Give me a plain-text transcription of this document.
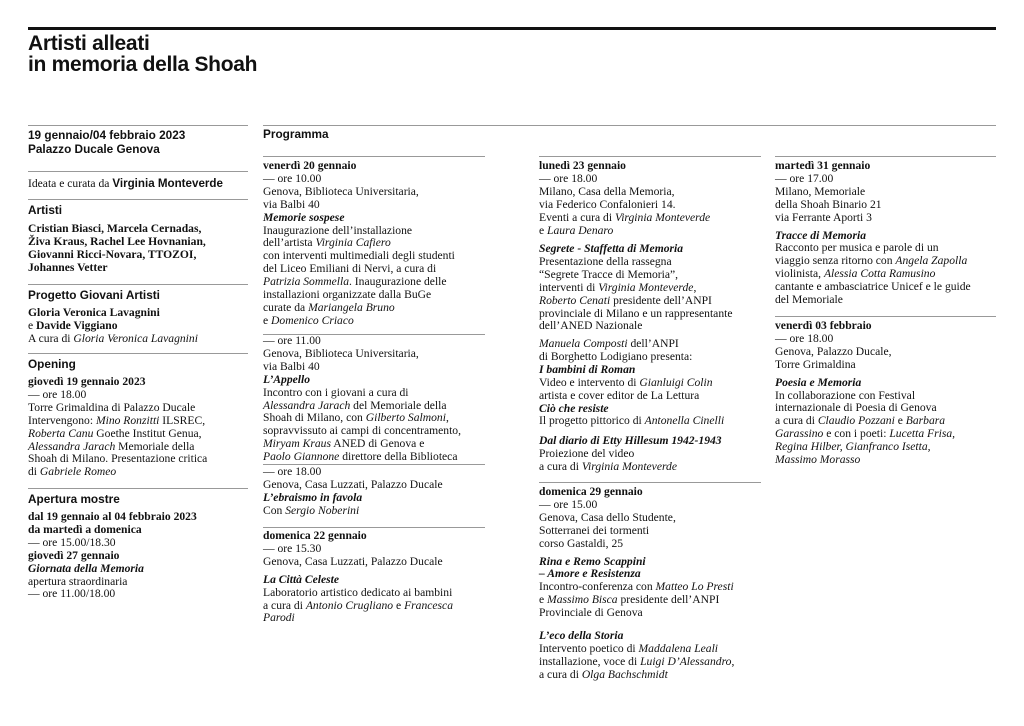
Artisti alleati
in memoria della Shoah
19 gennaio/04 febbraio 2023
Palazzo Ducale Genova
Ideata e curata da Virginia Monteverde
Artisti
Cristian Biasci, Marcela Cernadas,
Živa Kraus, Rachel Lee Hovnanian,
Giovanni Ricci-Novara, TTOZOI,
Johannes Vetter
Progetto Giovani Artisti
Gloria Veronica Lavagnini
e Davide Viggiano
A cura di Gloria Veronica Lavagnini
Opening
giovedì 19 gennaio 2023
— ore 18.00
Torre Grimaldina di Palazzo Ducale
Intervengono: Mino Ronzitti ILSREC,
Roberta Canu Goethe Institut Genua,
Alessandra Jarach Memoriale della
Shoah di Milano. Presentazione critica
di Gabriele Romeo
Apertura mostre
dal 19 gennaio al 04 febbraio 2023
da martedì a domenica
— ore 15.00/18.30
giovedì 27 gennaio
Giornata della Memoria
apertura straordinaria
— ore 11.00/18.00
Programma
venerdì 20 gennaio
— ore 10.00
Genova, Biblioteca Universitaria,
via Balbi 40
Memorie sospese
Inaugurazione dell’installazione
dell’artista Virginia Cafiero
con interventi multimediali degli studenti
del Liceo Emiliani di Nervi, a cura di
Patrizia Sommella. Inaugurazione delle
installazioni organizzate dalla BuGe
curate da Mariangela Bruno
e Domenico Criaco
— ore 11.00
Genova, Biblioteca Universitaria,
via Balbi 40
L’Appello
Incontro con i giovani a cura di
Alessandra Jarach del Memoriale della
Shoah di Milano, con Gilberto Salmoni,
sopravvissuto ai campi di concentramento,
Miryam Kraus ANED di Genova e
Paolo Giannone direttore della Biblioteca
— ore 18.00
Genova, Casa Luzzati, Palazzo Ducale
L’ebraismo in favola
Con Sergio Noberini
domenica 22 gennaio
— ore 15.30
Genova, Casa Luzzati, Palazzo Ducale
La Città Celeste
Laboratorio artistico dedicato ai bambini
a cura di Antonio Crugliano e Francesca
Parodi
lunedì 23 gennaio
— ore 18.00
Milano, Casa della Memoria,
via Federico Confalonieri 14.
Eventi a cura di Virginia Monteverde
e Laura Denaro
Segrete - Staffetta di Memoria
Presentazione della rassegna
“Segrete Tracce di Memoria”,
interventi di Virginia Monteverde,
Roberto Cenati presidente dell’ANPI
provinciale di Milano e un rappresentante
dell’ANED Nazionale
Manuela Composti dell’ANPI
di Borghetto Lodigiano presenta:
I bambini di Roman
Video e intervento di Gianluigi Colin
artista e cover editor de La Lettura
Ciò che resiste
Il progetto pittorico di Antonella Cinelli
Dal diario di Etty Hillesum 1942-1943
Proiezione del video
a cura di Virginia Monteverde
domenica 29 gennaio
— ore 15.00
Genova, Casa dello Studente,
Sotterranei dei tormenti
corso Gastaldi, 25
Rina e Remo Scappini
– Amore e Resistenza
Incontro-conferenza con Matteo Lo Presti
e Massimo Bisca presidente dell’ANPI
Provinciale di Genova
L’eco della Storia
Intervento poetico di Maddalena Leali
installazione, voce di Luigi D’Alessandro,
a cura di Olga Bachschmidt
martedì 31 gennaio
— ore 17.00
Milano, Memoriale
della Shoah Binario 21
via Ferrante Aporti 3
Tracce di Memoria
Racconto per musica e parole di un
viaggio senza ritorno con Angela Zapolla
violinista, Alessia Cotta Ramusino
cantante e ambasciatrice Unicef e le guide
del Memoriale
venerdì 03 febbraio
— ore 18.00
Genova, Palazzo Ducale,
Torre Grimaldina
Poesia e Memoria
In collaborazione con Festival
internazionale di Poesia di Genova
a cura di Claudio Pozzani e Barbara
Garassino e con i poeti: Lucetta Frisa,
Regina Hilber, Gianfranco Isetta,
Massimo Morasso
